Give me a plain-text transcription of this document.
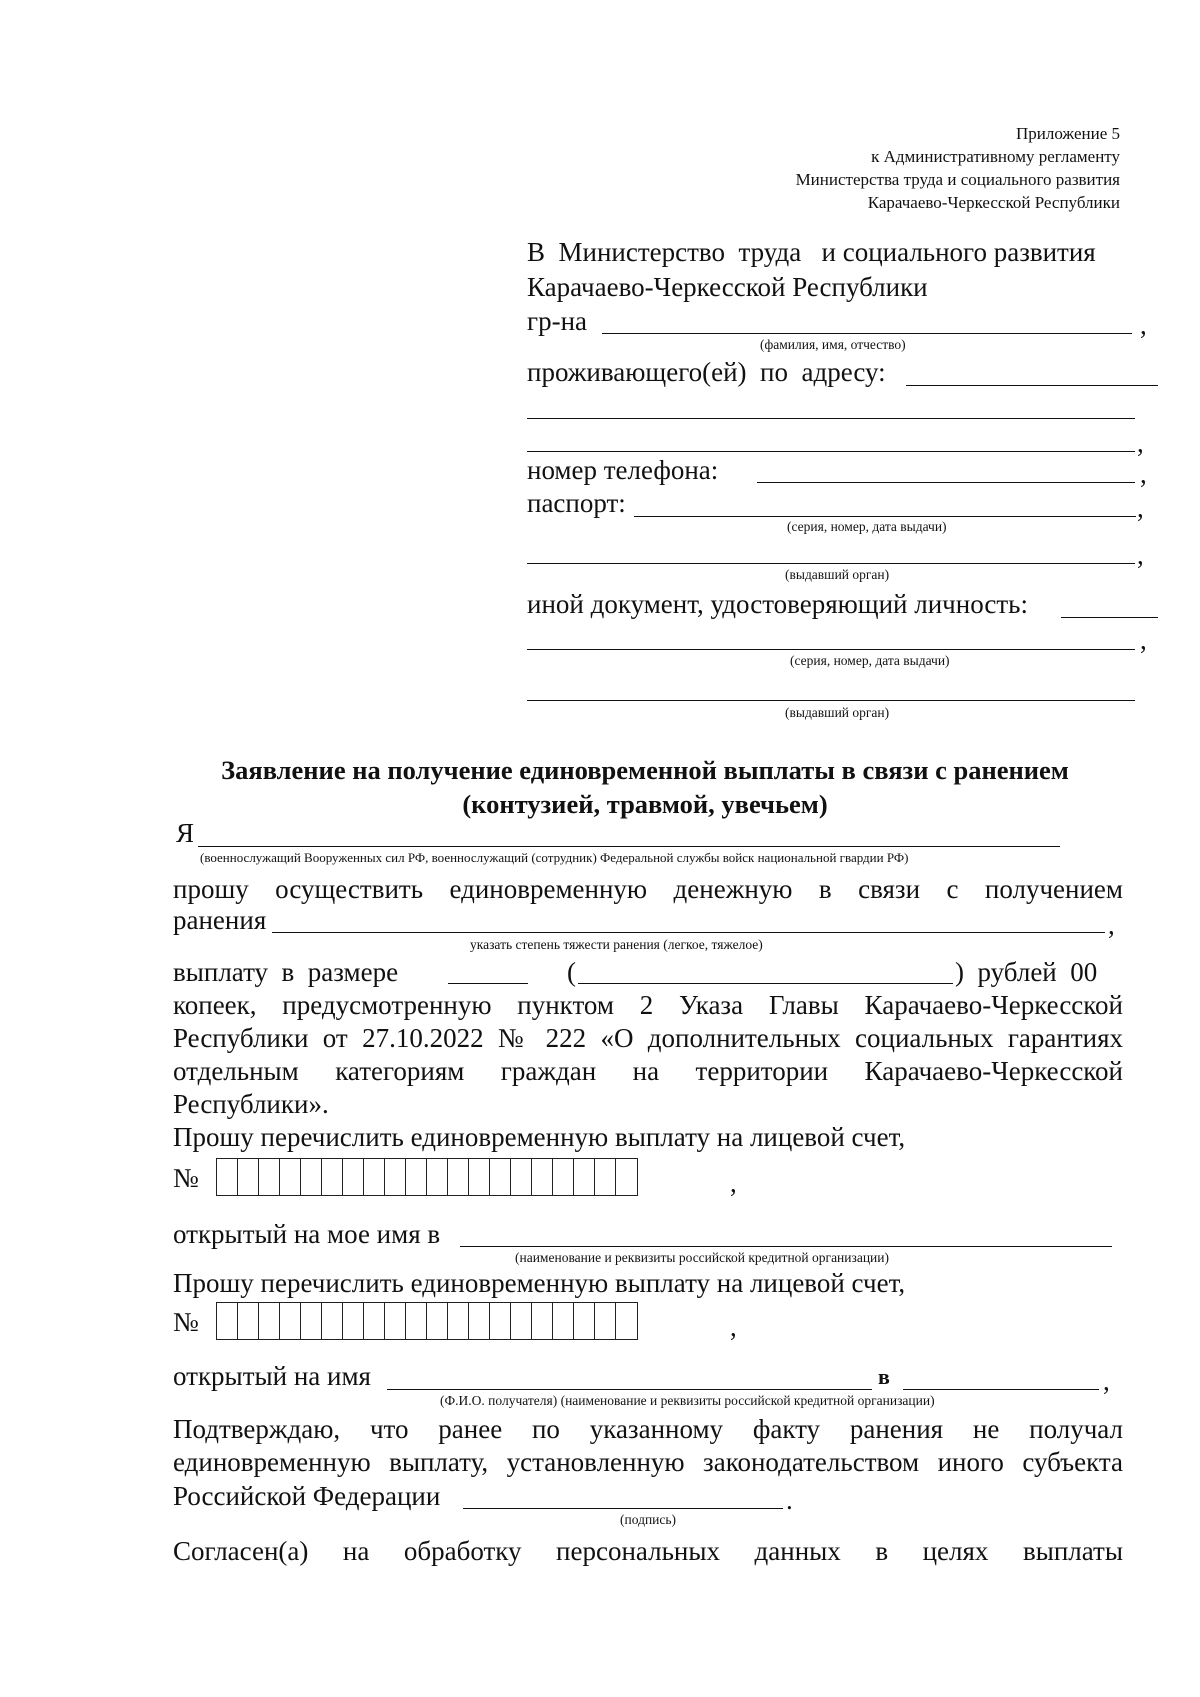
Приложение 5
к Административному регламенту
Министерства труда и социального развития
Карачаево-Черкесской Республики
В  Министерство  труда   и социального развития
Карачаево-Черкесской Республики
гр-на	,
(фамилия, имя, отчество)
проживающего(ей)  по  адресу:
,
номер телефона:	,
паспорт:	,
(серия, номер, дата выдачи)
,
(выдавший орган)
иной документ, удостоверяющий личность:
,
(серия, номер, дата выдачи)
(выдавший орган)
Заявление на получение единовременной выплаты в связи с ранением
(контузией, травмой, увечьем)
Я
(военнослужащий Вооруженных сил РФ, военнослужащий (сотрудник) Федеральной службы войск национальной гвардии РФ)
прошу  осуществить  единовременную  денежную  в  связи  с  получением
ранения	,
указать степень тяжести ранения (легкое, тяжелое)
выплату  в  размере	(	)  рублей  00
копеек,  предусмотренную  пунктом  2  Указа  Главы  Карачаево-Черкесской
Республики от 27.10.2022 № 222 «О дополнительных социальных гарантиях
отдельным   категориям   граждан   на   территории   Карачаево-Черкесской
Республики».
Прошу перечислить единовременную выплату на лицевой счет,
№	,
открытый на мое имя в
(наименование и реквизиты российской кредитной организации)
Прошу перечислить единовременную выплату на лицевой счет,
№	,
открытый на имя	в	,
(Ф.И.О. получателя) (наименование и реквизиты российской кредитной организации)
Подтверждаю,   что   ранее   по   указанному   факту   ранения   не   получал
единовременную выплату, установленную законодательством иного субъекта
Российской Федерации	.
(подпись)
Согласен(а)   на   обработку   персональных   данных   в   целях   выплаты
